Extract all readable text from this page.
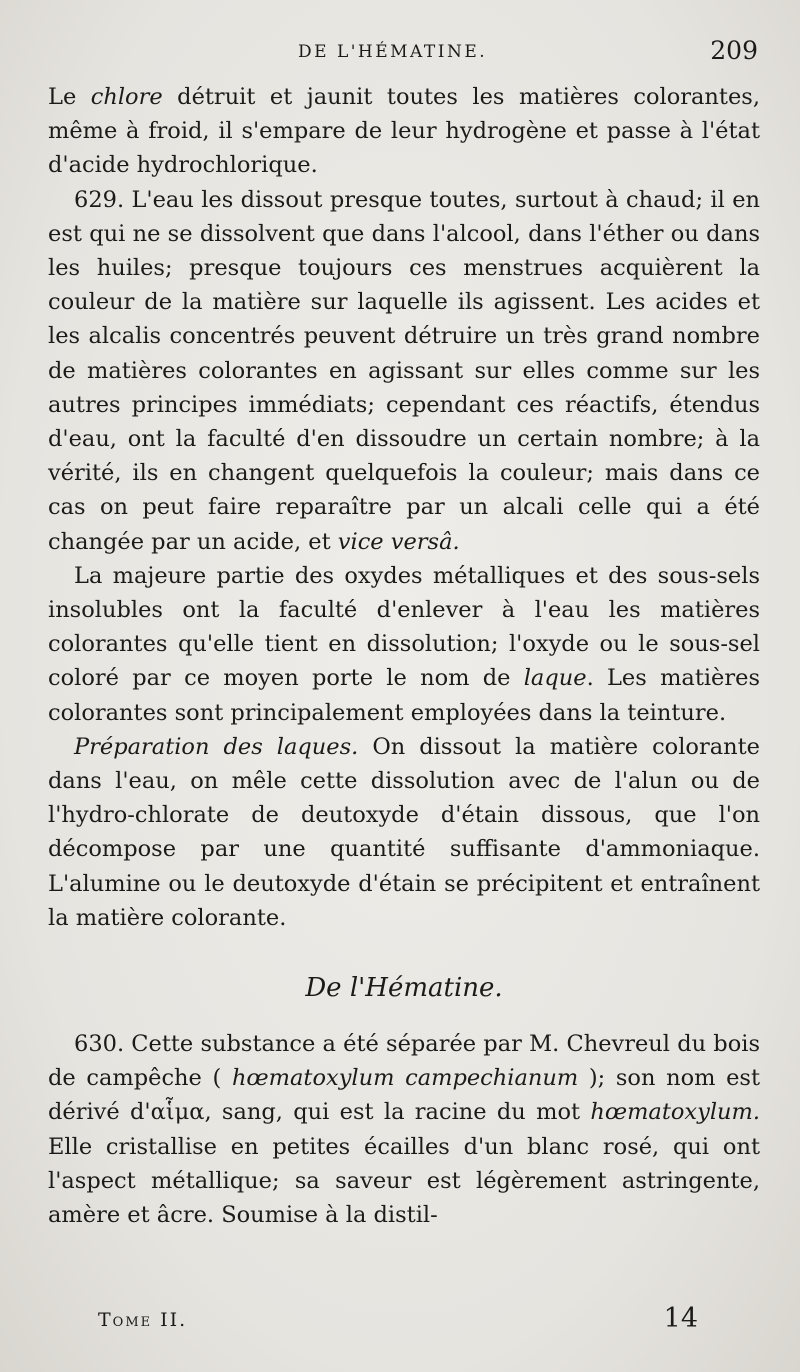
DE L'HÉMATINE.	209

Le chlore détruit et jaunit toutes les matières colorantes, même à froid, il s'empare de leur hydrogène et passe à l'état d'acide hydrochlorique.

629. L'eau les dissout presque toutes, surtout à chaud; il en est qui ne se dissolvent que dans l'alcool, dans l'éther ou dans les huiles; presque toujours ces menstrues acquièrent la couleur de la matière sur laquelle ils agissent. Les acides et les alcalis concentrés peuvent détruire un très grand nombre de matières colorantes en agissant sur elles comme sur les autres principes immédiats; cependant ces réactifs, étendus d'eau, ont la faculté d'en dissoudre un certain nombre; à la vérité, ils en changent quelquefois la couleur; mais dans ce cas on peut faire reparaître par un alcali celle qui a été changée par un acide, et vice versâ.

La majeure partie des oxydes métalliques et des sous-sels insolubles ont la faculté d'enlever à l'eau les matières colorantes qu'elle tient en dissolution; l'oxyde ou le sous-sel coloré par ce moyen porte le nom de laque. Les matières colorantes sont principalement employées dans la teinture.

Préparation des laques. On dissout la matière colorante dans l'eau, on mêle cette dissolution avec de l'alun ou de l'hydro-chlorate de deutoxyde d'étain dissous, que l'on décompose par une quantité suffisante d'ammoniaque. L'alumine ou le deutoxyde d'étain se précipitent et entraînent la matière colorante.

De l'Hématine.

630. Cette substance a été séparée par M. Chevreul du bois de campêche ( hœmatoxylum campechianum ); son nom est dérivé d'αἷμα, sang, qui est la racine du mot hœmatoxylum. Elle cristallise en petites écailles d'un blanc rosé, qui ont l'aspect métallique; sa saveur est légèrement astringente, amère et âcre. Soumise à la distil-

Tome II.	14
